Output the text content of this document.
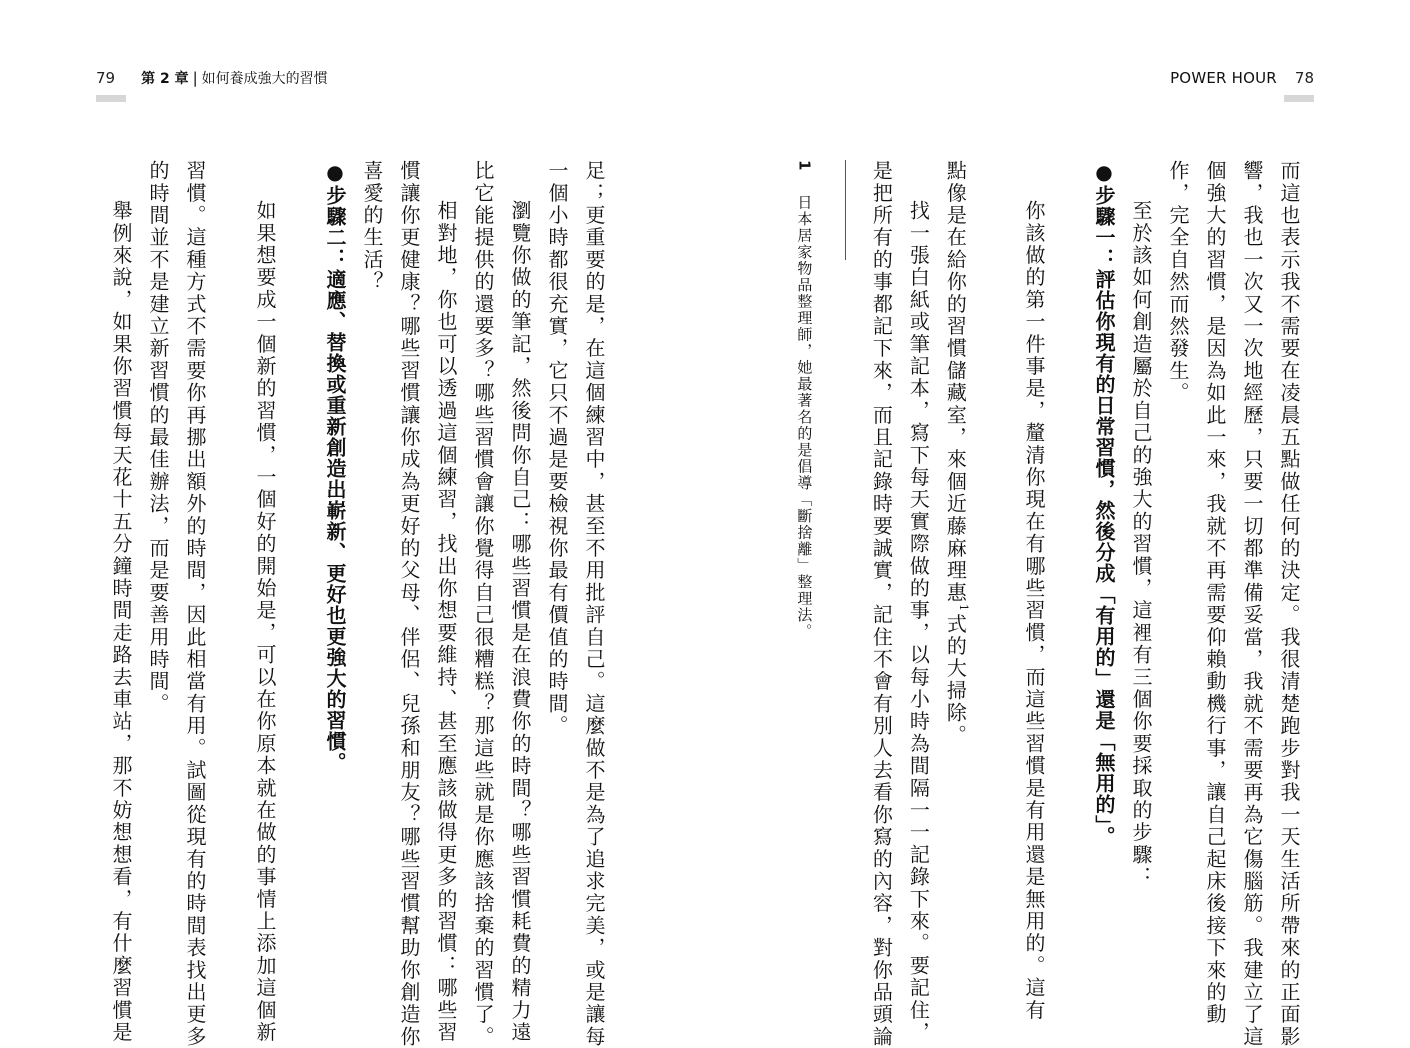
POWER HOUR 78

而這也表示我不需要在凌晨五點做任何的決定。我很清楚跑步對我一天生活所帶來的正面影

響，我也一次又一次地經歷，只要一切都準備妥當，我就不需要再為它傷腦筋。我建立了這

個強大的習慣，是因為如此一來，我就不再需要仰賴動機行事，讓自己起床後接下來的動

作，完全自然而然發生。

至於該如何創造屬於自己的強大的習慣，這裡有三個你要採取的步驟：

●步驟一：評估你現有的日常習慣，然後分成「有用的」還是「無用的」。

你該做的第一件事是，釐清你現在有哪些習慣，而這些習慣是有用還是無用的。這有

點像是在給你的習慣儲藏室，來個近藤麻理惠$^1$式的大掃除。

找一張白紙或筆記本，寫下每天實際做的事，以每小時為間隔一一記錄下來。要記住，

是把所有的事都記下來，而且記錄時要誠實，記住不會有別人去看你寫的內容，對你品頭論

1　日本居家物品整理師，她最著名的是倡導「斷捨離」整理法。

79 第 2 章 | 如何養成強大的習慣

足；更重要的是，在這個練習中，甚至不用批評自己。這麼做不是為了追求完美，或是讓每

一個小時都很充實，它只不過是要檢視你最有價值的時間。

瀏覽你做的筆記，然後問你自己：哪些習慣是在浪費你的時間？哪些習慣耗費的精力遠

比它能提供的還要多？哪些習慣會讓你覺得自己很糟糕？那這些就是你應該捨棄的習慣了。

相對地，你也可以透過這個練習，找出你想要維持、甚至應該做得更多的習慣：哪些習

慣讓你更健康？哪些習慣讓你成為更好的父母、伴侶、兒孫和朋友？哪些習慣幫助你創造你

喜愛的生活？

●步驟二：適應、替換或重新創造出嶄新、更好也更強大的習慣。

如果想要成一個新的習慣，一個好的開始是，可以在你原本就在做的事情上添加這個新

習慣。這種方式不需要你再挪出額外的時間，因此相當有用。試圖從現有的時間表找出更多

的時間並不是建立新習慣的最佳辦法，而是要善用時間。

舉例來說，如果你習慣每天花十五分鐘時間走路去車站，那不妨想想看，有什麼習慣是
